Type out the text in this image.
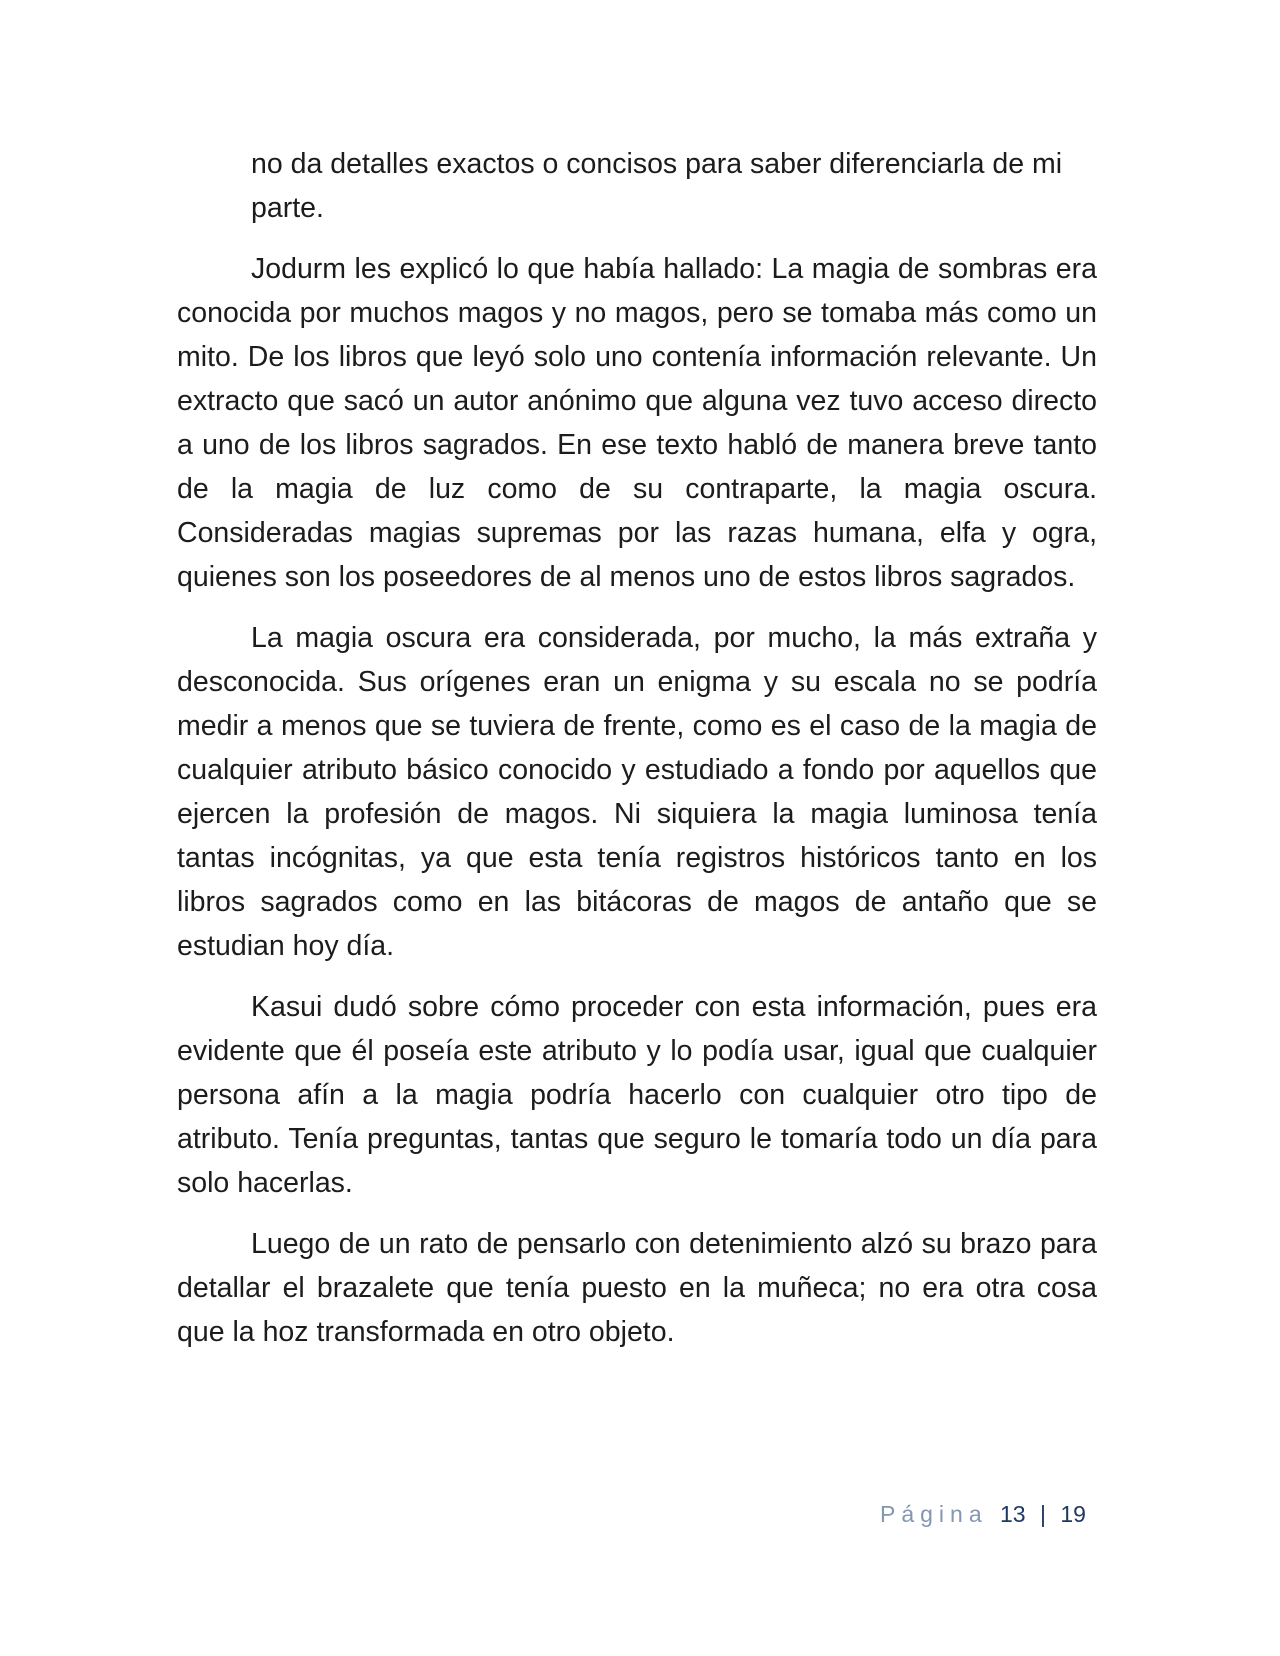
no da detalles exactos o concisos para saber diferenciarla de mi parte.

Jodurm les explicó lo que había hallado: La magia de sombras era conocida por muchos magos y no magos, pero se tomaba más como un mito. De los libros que leyó solo uno contenía información relevante. Un extracto que sacó un autor anónimo que alguna vez tuvo acceso directo a uno de los libros sagrados. En ese texto habló de manera breve tanto de la magia de luz como de su contraparte, la magia oscura. Consideradas magias supremas por las razas humana, elfa y ogra, quienes son los poseedores de al menos uno de estos libros sagrados.

La magia oscura era considerada, por mucho, la más extraña y desconocida. Sus orígenes eran un enigma y su escala no se podría medir a menos que se tuviera de frente, como es el caso de la magia de cualquier atributo básico conocido y estudiado a fondo por aquellos que ejercen la profesión de magos. Ni siquiera la magia luminosa tenía tantas incógnitas, ya que esta tenía registros históricos tanto en los libros sagrados como en las bitácoras de magos de antaño que se estudian hoy día.

Kasui dudó sobre cómo proceder con esta información, pues era evidente que él poseía este atributo y lo podía usar, igual que cualquier persona afín a la magia podría hacerlo con cualquier otro tipo de atributo. Tenía preguntas, tantas que seguro le tomaría todo un día para solo hacerlas.

Luego de un rato de pensarlo con detenimiento alzó su brazo para detallar el brazalete que tenía puesto en la muñeca; no era otra cosa que la hoz transformada en otro objeto.

Página 13 | 19
